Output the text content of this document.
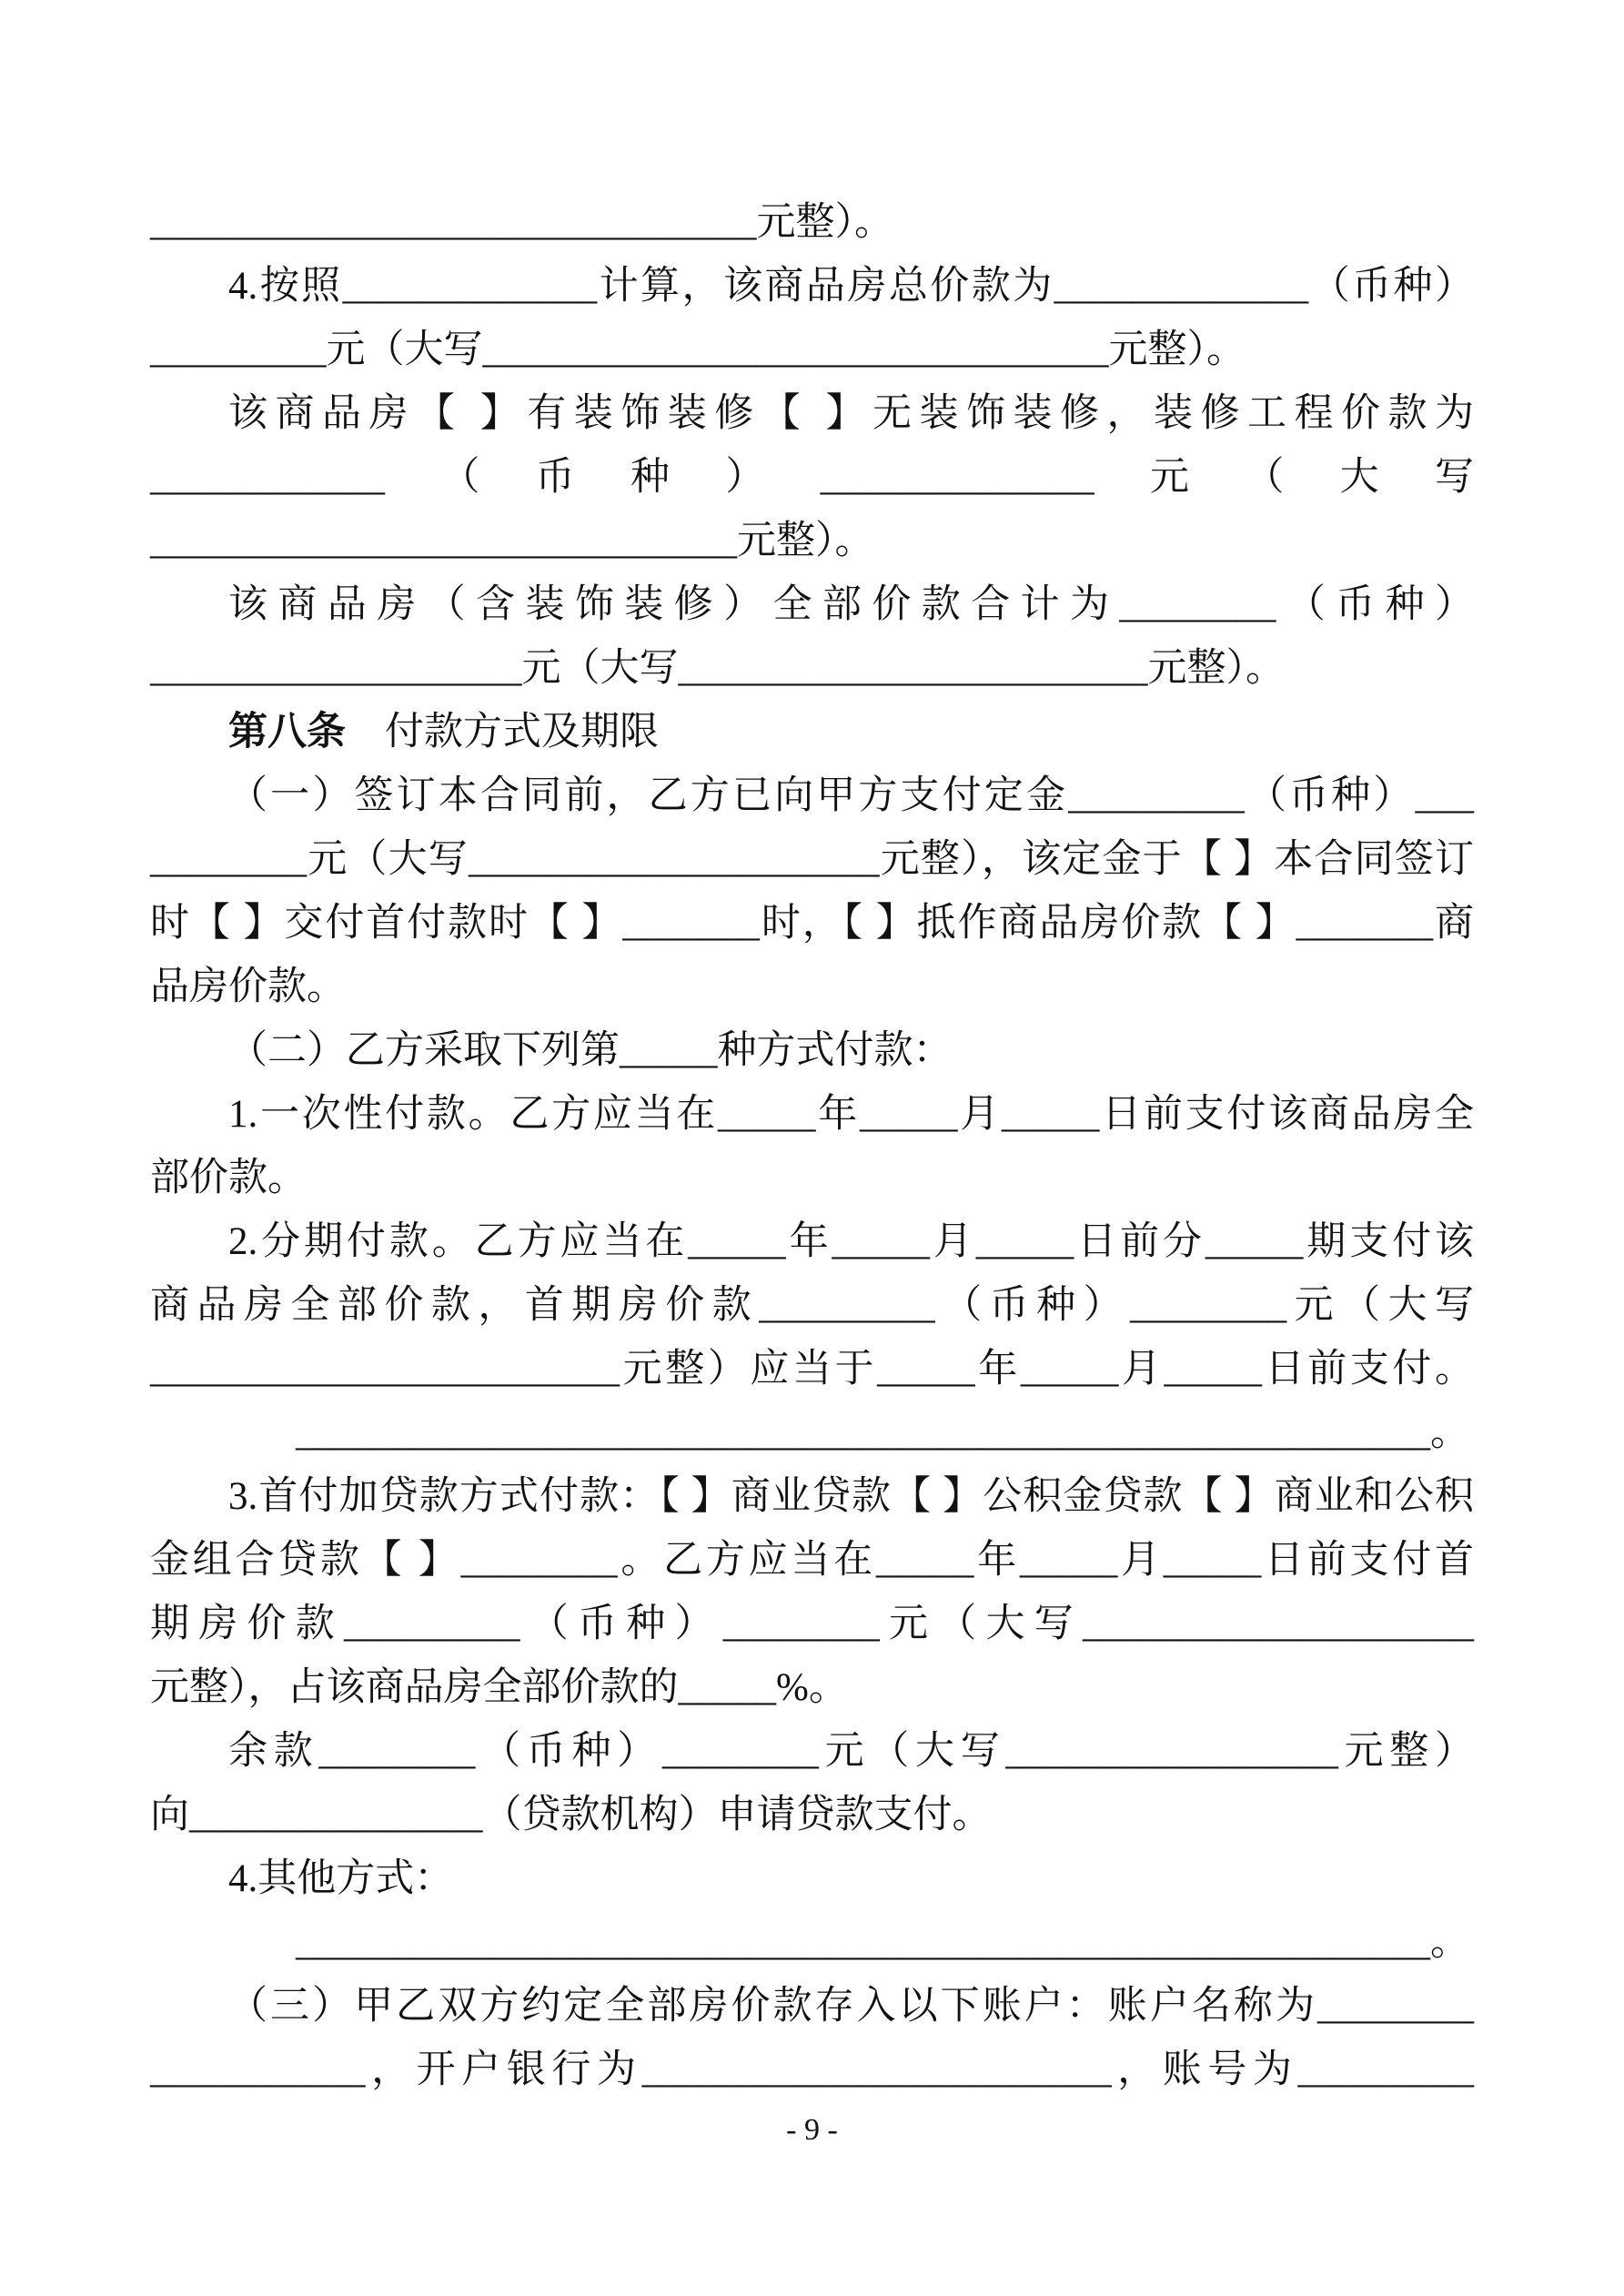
_______________________________元整）。
4.按照_____________计算，该商品房总价款为_____________（币种）
_________元（大写________________________________元整）。
该商品房【 】有装饰装修【 】无装饰装修，装修工程价款为
____________（币种）______________元（大写
______________________________元整）。
该商品房（含装饰装修）全部价款合计为________（币种）
___________________元（大写________________________元整）。
第八条　付款方式及期限
（一）签订本合同前，乙方已向甲方支付定金_________（币种）___
________元（大写_____________________元整），该定金于【 】本合同签订
时【 】交付首付款时【 】_______时，【 】抵作商品房价款【 】_______商
品房价款。
（二）乙方采取下列第_____种方式付款：
1.一次性付款。乙方应当在_____年_____月_____日前支付该商品房全
部价款。
2.分期付款。乙方应当在_____年_____月_____日前分_____期支付该
商品房全部价款，首期房价款_________（币种）________元（大写
________________________元整）应当于_____年_____月_____日前支付。
__________________________________________________________。
3.首付加贷款方式付款：【 】商业贷款【 】公积金贷款【 】商业和公积
金组合贷款【 】________。乙方应当在_____年_____月_____日前支付首
期房价款_________（币种）________元（大写____________________
元整），占该商品房全部价款的_____%。
余款________（币种）________元（大写_________________元整）
向_______________（贷款机构）申请贷款支付。
4.其他方式：
__________________________________________________________。
（三）甲乙双方约定全部房价款存入以下账户：账户名称为________
___________，开户银行为________________________，账号为_________
- 9 -
